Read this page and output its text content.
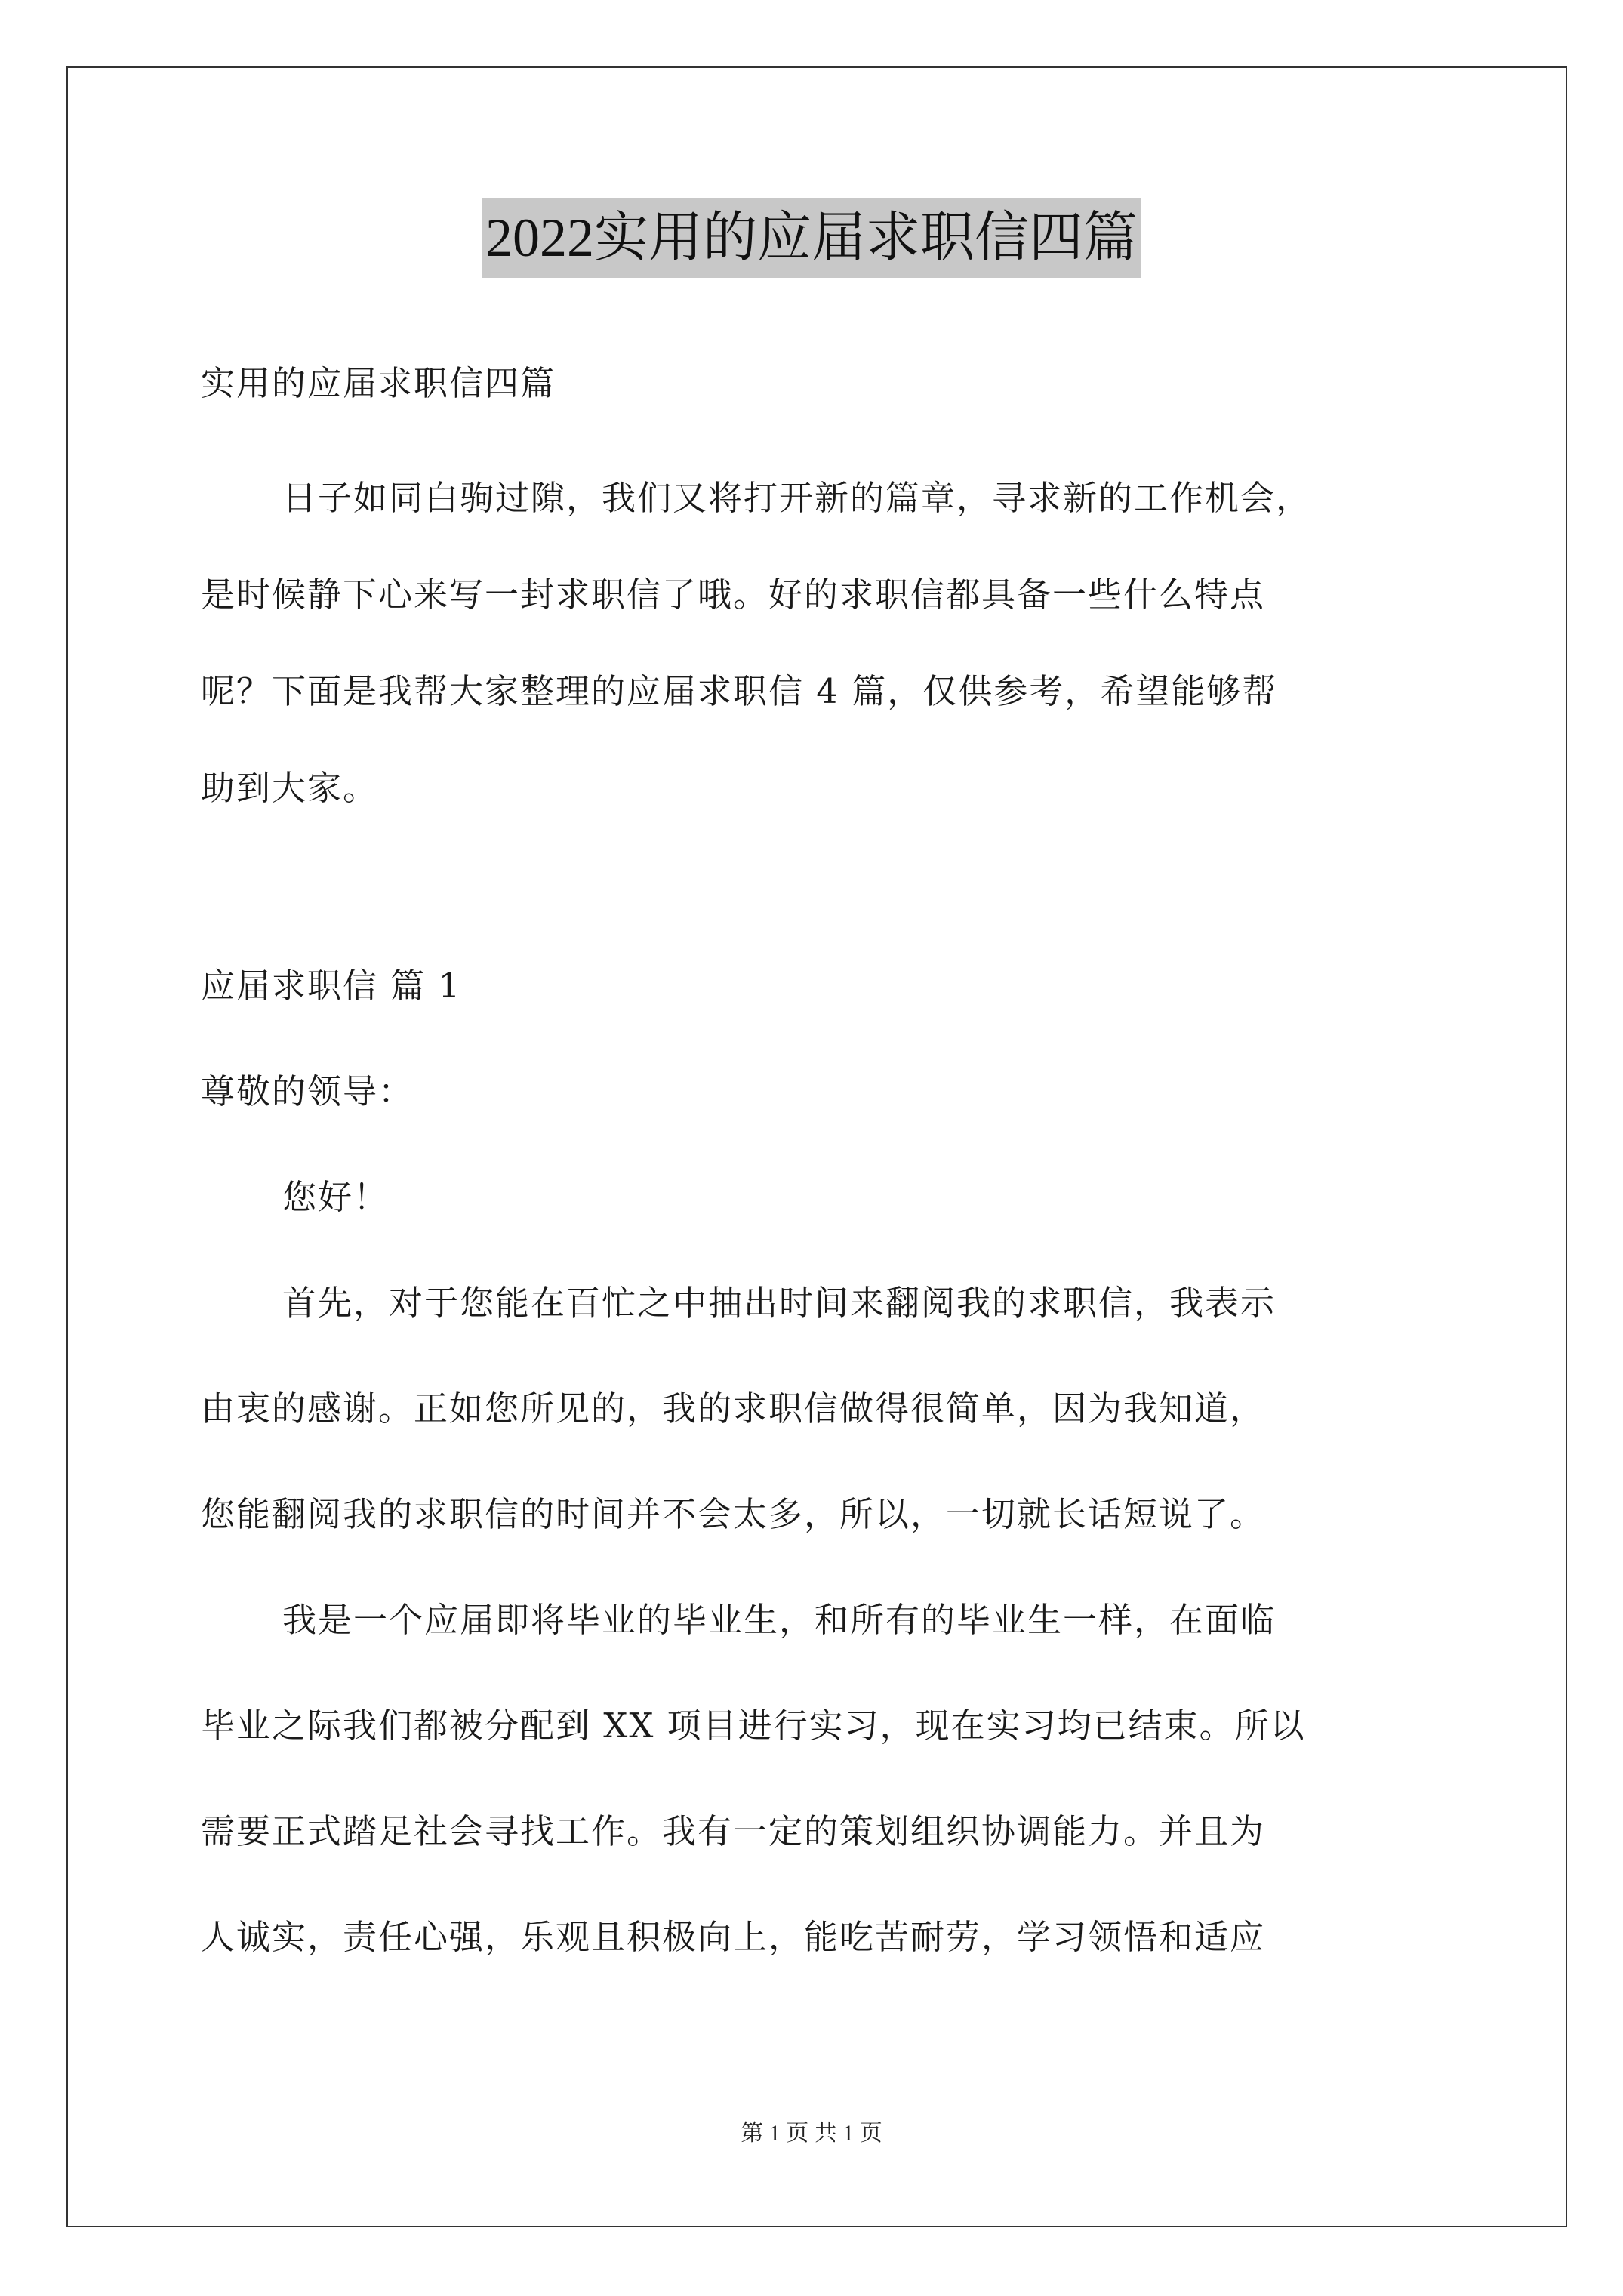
2022实用的应届求职信四篇

实用的应届求职信四篇

日子如同白驹过隙，我们又将打开新的篇章，寻求新的工作机会，

是时候静下心来写一封求职信了哦。好的求职信都具备一些什么特点

呢？下面是我帮大家整理的应届求职信 4 篇，仅供参考，希望能够帮

助到大家。

应届求职信 篇 1

尊敬的领导：

您好！

首先，对于您能在百忙之中抽出时间来翻阅我的求职信，我表示

由衷的感谢。正如您所见的，我的求职信做得很简单，因为我知道，

您能翻阅我的求职信的时间并不会太多，所以，一切就长话短说了。

我是一个应届即将毕业的毕业生，和所有的毕业生一样，在面临

毕业之际我们都被分配到 XX 项目进行实习，现在实习均已结束。所以

需要正式踏足社会寻找工作。我有一定的策划组织协调能力。并且为

人诚实，责任心强，乐观且积极向上，能吃苦耐劳，学习领悟和适应

第 1 页 共 1 页
